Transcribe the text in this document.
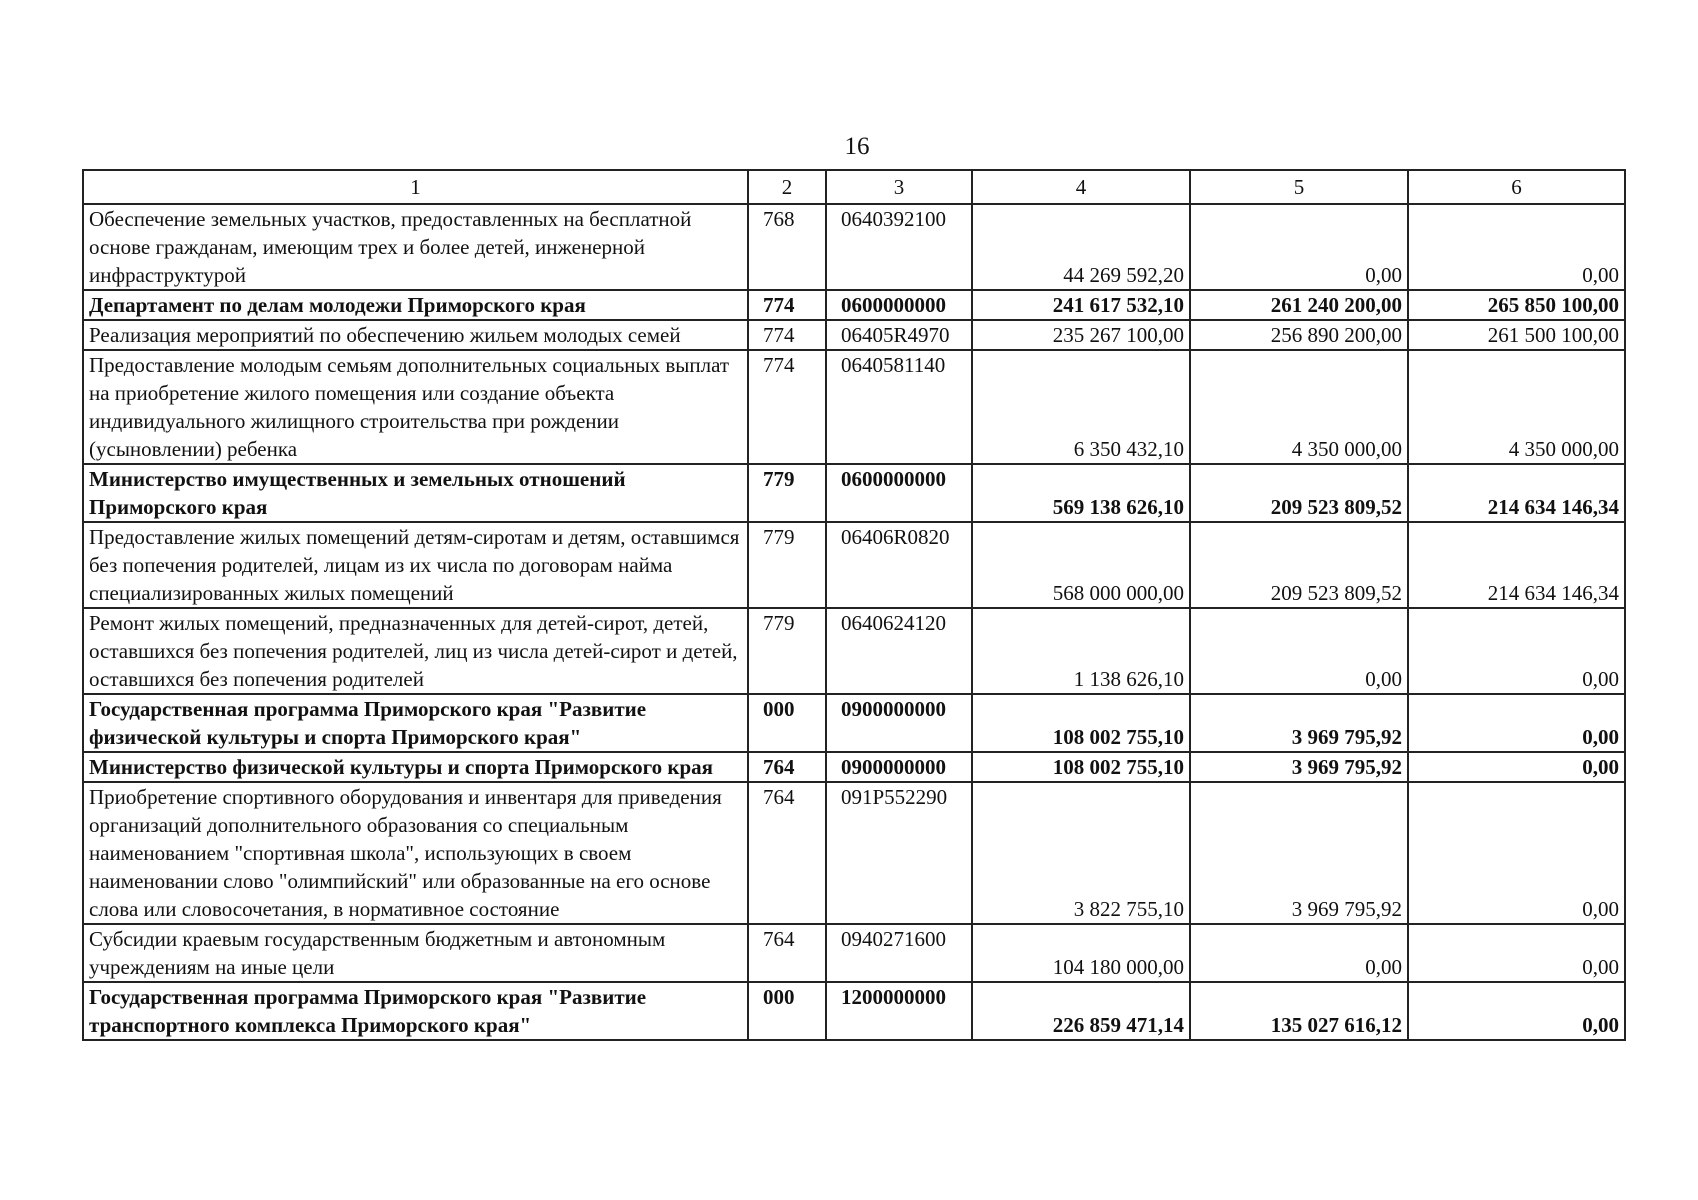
16
1	2	3	4	5	6
Обеспечение земельных участков, предоставленных на бесплатной основе гражданам, имеющим трех и более детей, инженерной инфраструктурой	768	0640392100	44 269 592,20	0,00	0,00
Департамент по делам молодежи Приморского края	774	0600000000	241 617 532,10	261 240 200,00	265 850 100,00
Реализация мероприятий по обеспечению жильем молодых семей	774	06405R4970	235 267 100,00	256 890 200,00	261 500 100,00
Предоставление молодым семьям дополнительных социальных выплат на приобретение жилого помещения или создание объекта индивидуального жилищного строительства при рождении (усыновлении) ребенка	774	0640581140	6 350 432,10	4 350 000,00	4 350 000,00
Министерство имущественных и земельных отношений Приморского края	779	0600000000	569 138 626,10	209 523 809,52	214 634 146,34
Предоставление жилых помещений детям-сиротам и детям, оставшимся без попечения родителей, лицам из их числа по договорам найма специализированных жилых помещений	779	06406R0820	568 000 000,00	209 523 809,52	214 634 146,34
Ремонт жилых помещений, предназначенных для детей-сирот, детей, оставшихся без попечения родителей, лиц из числа детей-сирот и детей, оставшихся без попечения родителей	779	0640624120	1 138 626,10	0,00	0,00
Государственная программа Приморского края "Развитие физической культуры и спорта Приморского края"	000	0900000000	108 002 755,10	3 969 795,92	0,00
Министерство физической культуры и спорта Приморского края	764	0900000000	108 002 755,10	3 969 795,92	0,00
Приобретение спортивного оборудования и инвентаря для приведения организаций дополнительного образования со специальным наименованием "спортивная школа", использующих в своем наименовании слово "олимпийский" или образованные на его основе слова или словосочетания, в нормативное состояние	764	091P552290	3 822 755,10	3 969 795,92	0,00
Субсидии краевым государственным бюджетным и автономным учреждениям на иные цели	764	0940271600	104 180 000,00	0,00	0,00
Государственная программа Приморского края "Развитие транспортного комплекса Приморского края"	000	1200000000	226 859 471,14	135 027 616,12	0,00
